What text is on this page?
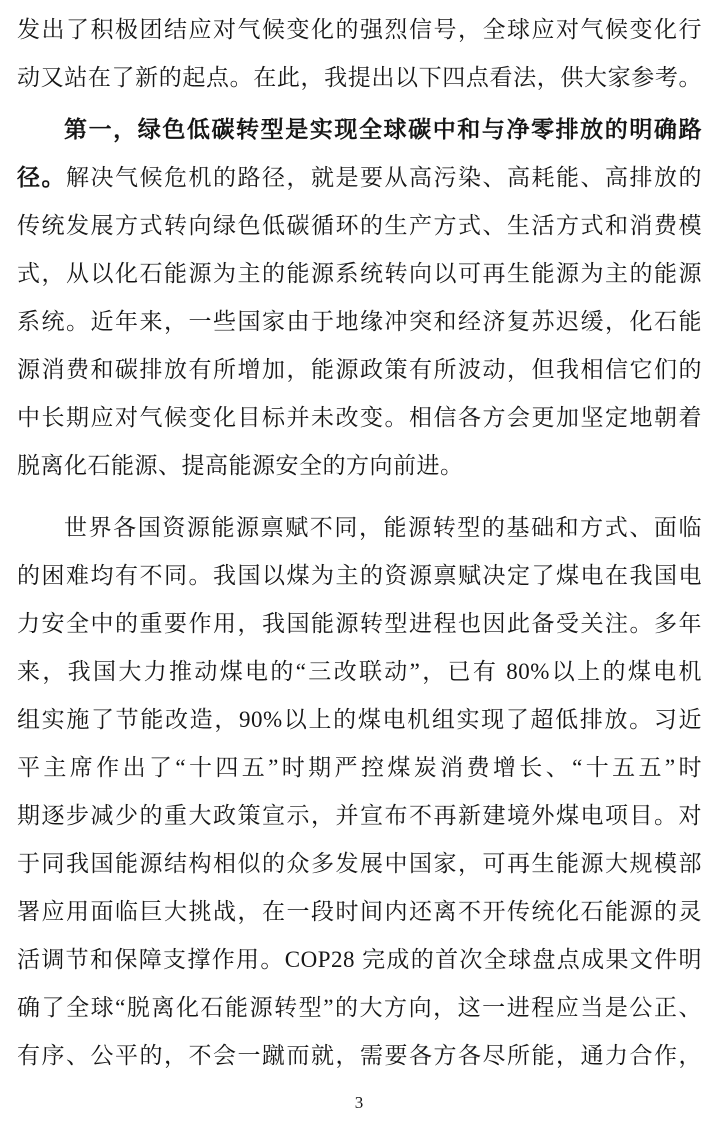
发出了积极团结应对气候变化的强烈信号，全球应对气候变化行
动又站在了新的起点。在此，我提出以下四点看法，供大家参考。
第一，绿色低碳转型是实现全球碳中和与净零排放的明确路
径。解决气候危机的路径，就是要从高污染、高耗能、高排放的
传统发展方式转向绿色低碳循环的生产方式、生活方式和消费模
式，从以化石能源为主的能源系统转向以可再生能源为主的能源
系统。近年来，一些国家由于地缘冲突和经济复苏迟缓，化石能
源消费和碳排放有所增加，能源政策有所波动，但我相信它们的
中长期应对气候变化目标并未改变。相信各方会更加坚定地朝着
脱离化石能源、提高能源安全的方向前进。
世界各国资源能源禀赋不同，能源转型的基础和方式、面临
的困难均有不同。我国以煤为主的资源禀赋决定了煤电在我国电
力安全中的重要作用，我国能源转型进程也因此备受关注。多年
来，我国大力推动煤电的“三改联动”，已有 80%以上的煤电机
组实施了节能改造，90%以上的煤电机组实现了超低排放。习近
平主席作出了“十四五”时期严控煤炭消费增长、“十五五”时
期逐步减少的重大政策宣示，并宣布不再新建境外煤电项目。对
于同我国能源结构相似的众多发展中国家，可再生能源大规模部
署应用面临巨大挑战，在一段时间内还离不开传统化石能源的灵
活调节和保障支撑作用。COP28 完成的首次全球盘点成果文件明
确了全球“脱离化石能源转型”的大方向，这一进程应当是公正、
有序、公平的，不会一蹴而就，需要各方各尽所能，通力合作，
3
